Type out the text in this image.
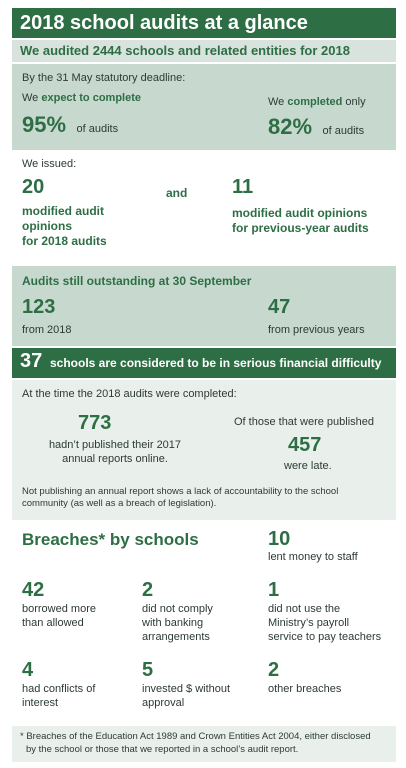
2018 school audits at a glance
We audited 2444 schools and related entities for 2018
By the 31 May statutory deadline:
We expect to complete
95% of audits
We completed only
82% of audits
We issued:
20
modified audit
opinions
for 2018 audits
and 11
modified audit opinions
for previous-year audits
Audits still outstanding at 30 September
123
from 2018
47
from previous years
37 schools are considered to be in serious financial difficulty
At the time the 2018 audits were completed:
773
hadn’t published their 2017
annual reports online.
Of those that were published
457
were late.
Not publishing an annual report shows a lack of accountability to the school
community (as well as a breach of legislation).
Breaches* by schools	10
lent money to staff
42
borrowed more
than allowed
2
did not comply
with banking
arrangements
1
did not use the
Ministry’s payroll
service to pay teachers
4
had conflicts of
interest
5
invested $ without
approval
2
other breaches
* Breaches of the Education Act 1989 and Crown Entities Act 2004, either disclosed
by the school or those that we reported in a school’s audit report.
